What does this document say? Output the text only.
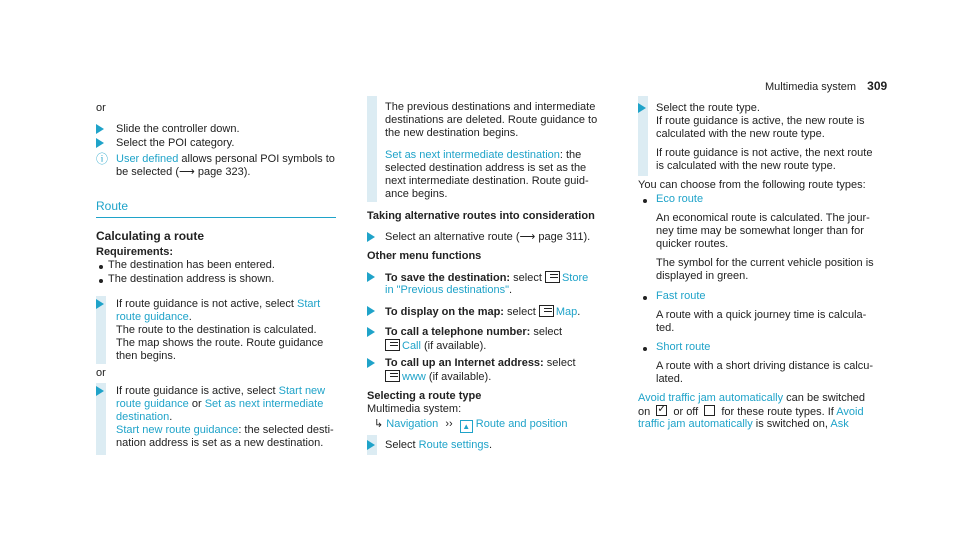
Multimedia system 309
or
Slide the controller down.
Select the POI category.
ⓘ User defined allows personal POI symbols to
be selected (⟶ page 323).
Route
Calculating a route
Requirements:
The destination has been entered.
The destination address is shown.
If route guidance is not active, select Start
route guidance.
The route to the destination is calculated.
The map shows the route. Route guidance
then begins.
or
If route guidance is active, select Start new
route guidance or Set as next intermediate
destination.
Start new route guidance: the selected desti-
nation address is set as a new destination.
The previous destinations and intermediate
destinations are deleted. Route guidance to
the new destination begins.
Set as next intermediate destination: the
selected destination address is set as the
next intermediate destination. Route guid-
ance begins.
Taking alternative routes into consideration
Select an alternative route (⟶ page 311).
Other menu functions
To save the destination: select Store
in "Previous destinations".
To display on the map: select Map.
To call a telephone number: select
Call (if available).
To call up an Internet address: select
www (if available).
Selecting a route type
Multimedia system:
↳ Navigation ›› ▲ Route and position
Select Route settings.
Select the route type.
If route guidance is active, the new route is
calculated with the new route type.
If route guidance is not active, the next route
is calculated with the new route type.
You can choose from the following route types:
Eco route
An economical route is calculated. The jour-
ney time may be somewhat longer than for
quicker routes.
The symbol for the current vehicle position is
displayed in green.
Fast route
A route with a quick journey time is calcula-
ted.
Short route
A route with a short driving distance is calcu-
lated.
Avoid traffic jam automatically can be switched
on ✓ or off  for these route types. If Avoid
traffic jam automatically is switched on, Ask
